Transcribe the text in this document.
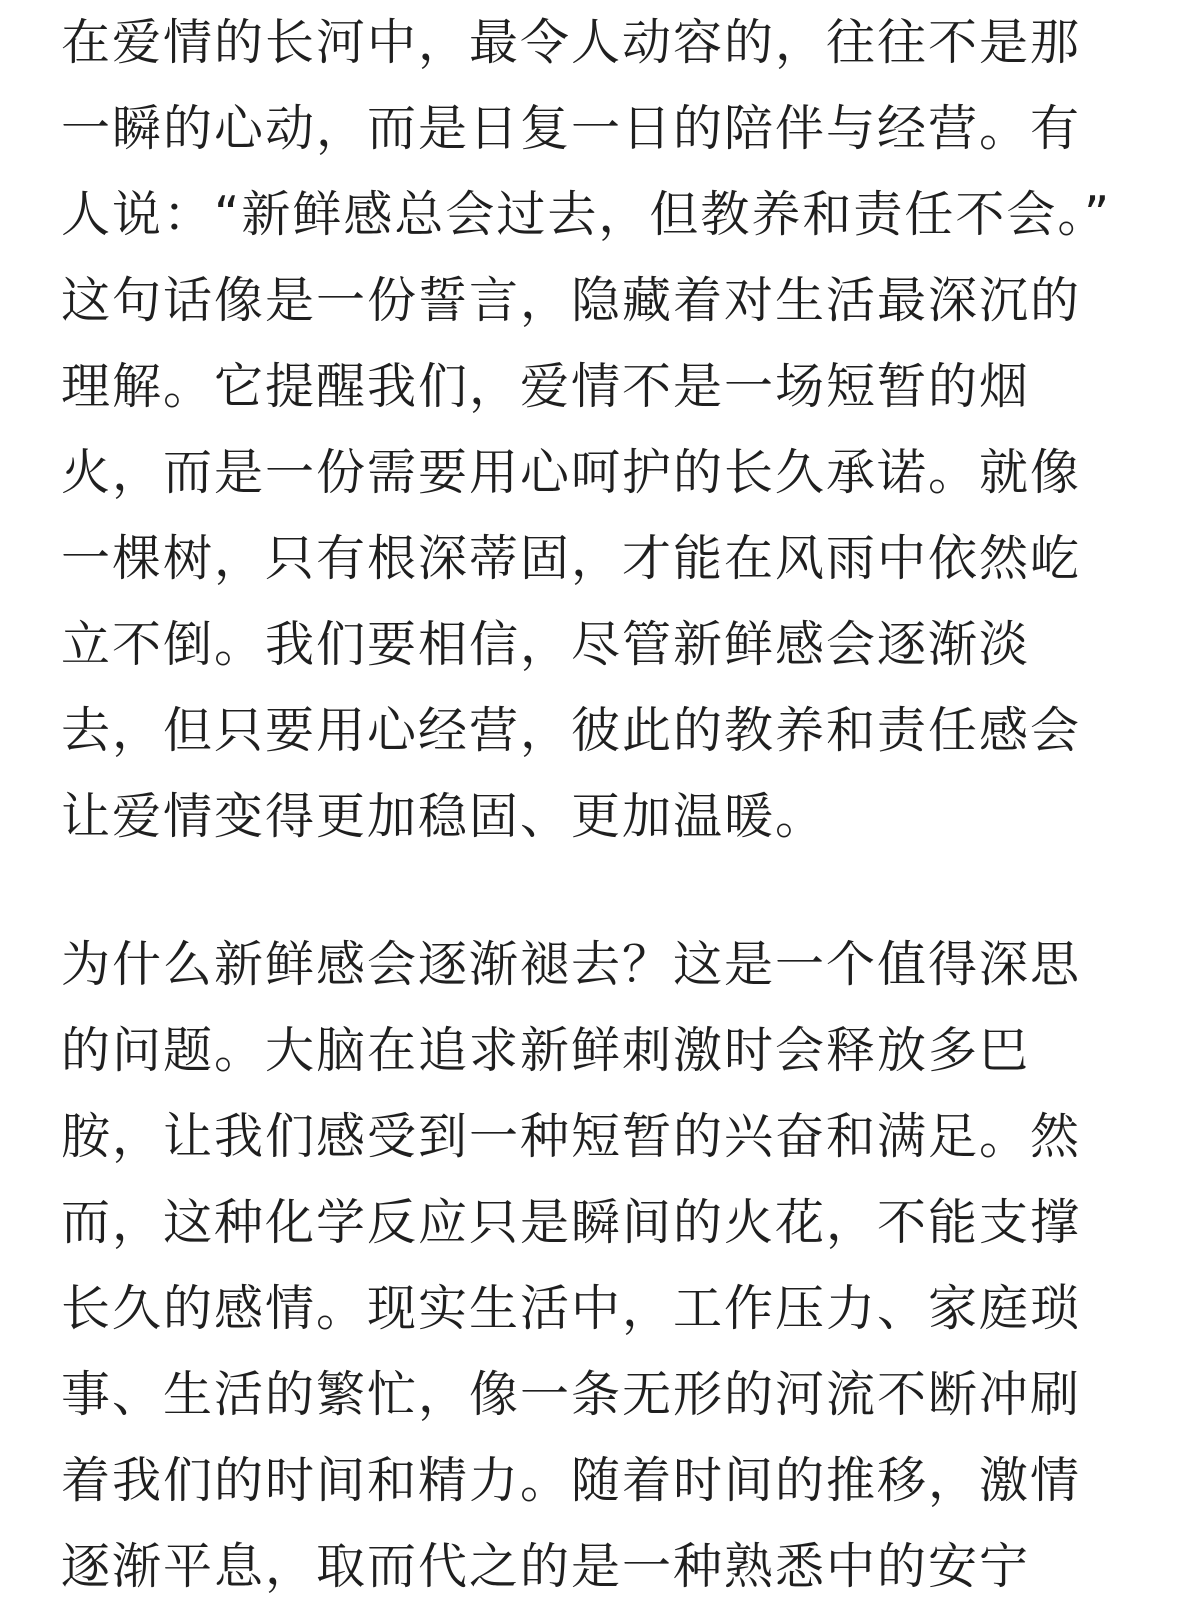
在爱情的长河中，最令人动容的，往往不是那
一瞬的心动，而是日复一日的陪伴与经营。有
人说：“新鲜感总会过去，但教养和责任不会。”
这句话像是一份誓言，隐藏着对生活最深沉的
理解。它提醒我们，爱情不是一场短暂的烟
火，而是一份需要用心呵护的长久承诺。就像
一棵树，只有根深蒂固，才能在风雨中依然屹
立不倒。我们要相信，尽管新鲜感会逐渐淡
去，但只要用心经营，彼此的教养和责任感会
让爱情变得更加稳固、更加温暖。
为什么新鲜感会逐渐褪去？这是一个值得深思
的问题。大脑在追求新鲜刺激时会释放多巴
胺，让我们感受到一种短暂的兴奋和满足。然
而，这种化学反应只是瞬间的火花，不能支撑
长久的感情。现实生活中，工作压力、家庭琐
事、生活的繁忙，像一条无形的河流不断冲刷
着我们的时间和精力。随着时间的推移，激情
逐渐平息，取而代之的是一种熟悉中的安宁
